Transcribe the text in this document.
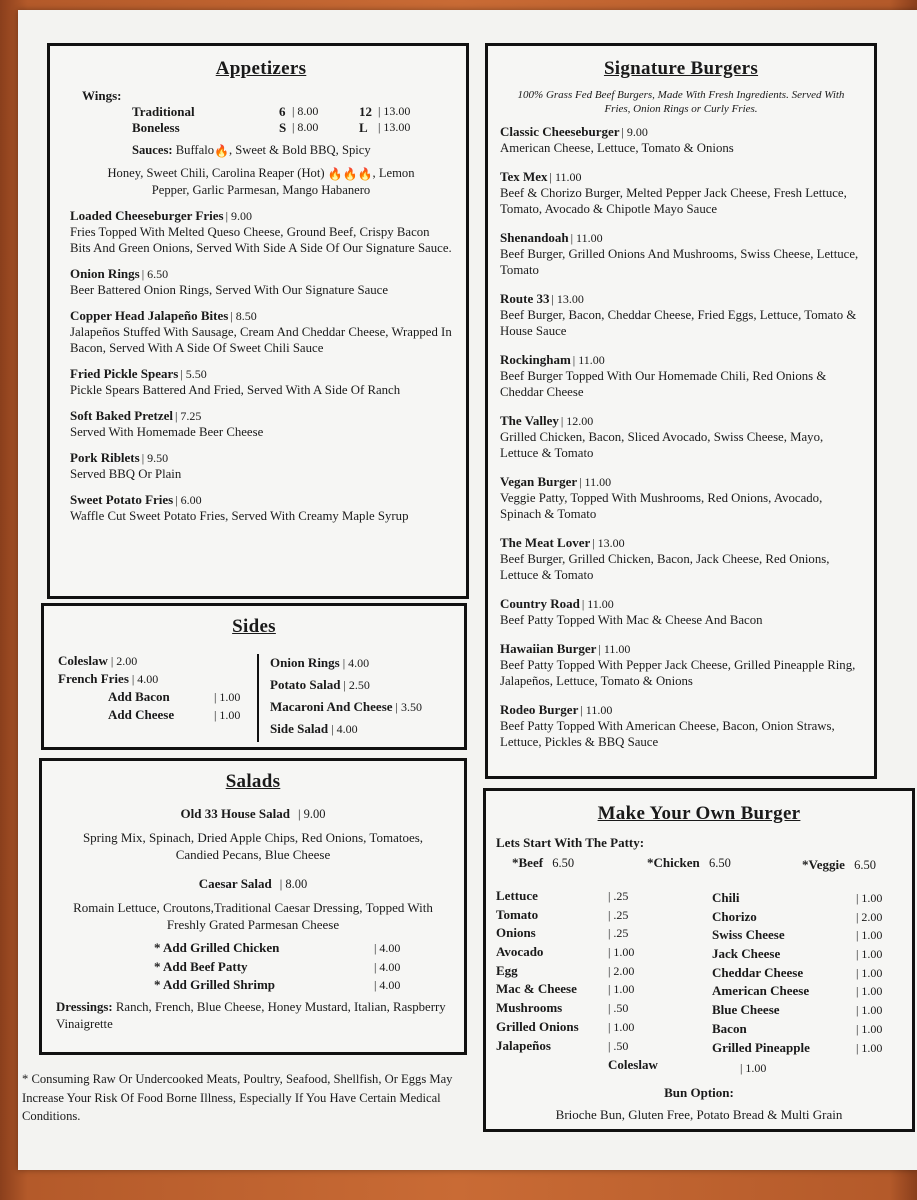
Appetizers
Wings:
Traditional	6 | 8.00	12 | 13.00
Boneless	S | 8.00	L | 13.00
Sauces: Buffalo🔥, Sweet & Bold BBQ, Spicy
Honey, Sweet Chili, Carolina Reaper (Hot) 🔥🔥🔥, Lemon
Pepper, Garlic Parmesan, Mango Habanero
Loaded Cheeseburger Fries | 9.00
Fries Topped With Melted Queso Cheese, Ground Beef, Crispy Bacon Bits And Green Onions, Served With Side A Side Of Our Signature Sauce.
Onion Rings | 6.50
Beer Battered Onion Rings, Served With Our Signature Sauce
Copper Head Jalapeño Bites | 8.50
Jalapeños Stuffed With Sausage, Cream And Cheddar Cheese, Wrapped In Bacon, Served With A Side Of Sweet Chili Sauce
Fried Pickle Spears | 5.50
Pickle Spears Battered And Fried, Served With A Side Of Ranch
Soft Baked Pretzel | 7.25
Served With Homemade Beer Cheese
Pork Riblets | 9.50
Served BBQ Or Plain
Sweet Potato Fries | 6.00
Waffle Cut Sweet Potato Fries, Served With Creamy Maple Syrup
Sides
Coleslaw | 2.00
French Fries | 4.00
Add Bacon	| 1.00
Add Cheese	| 1.00
Onion Rings | 4.00
Potato Salad | 2.50
Macaroni And Cheese | 3.50
Side Salad | 4.00
Salads
Old 33 House Salad | 9.00

Spring Mix, Spinach, Dried Apple Chips, Red Onions, Tomatoes, Candied Pecans, Blue Cheese
Caesar Salad | 8.00

Romain Lettuce, Croutons,Traditional Caesar Dressing, Topped With Freshly Grated Parmesan Cheese
* Add Grilled Chicken	| 4.00
* Add Beef Patty	| 4.00
* Add Grilled Shrimp	| 4.00
Dressings: Ranch, French, Blue Cheese, Honey Mustard, Italian, Raspberry Vinaigrette
* Consuming Raw Or Undercooked Meats, Poultry, Seafood, Shellfish, Or Eggs May Increase Your Risk Of Food Borne Illness, Especially If You Have Certain Medical Conditions.
Signature Burgers
100% Grass Fed Beef Burgers, Made With Fresh Ingredients. Served With Fries, Onion Rings or Curly Fries.
Classic Cheeseburger | 9.00
American Cheese, Lettuce, Tomato & Onions
Tex Mex | 11.00
Beef & Chorizo Burger, Melted Pepper Jack Cheese, Fresh Lettuce, Tomato, Avocado & Chipotle Mayo Sauce
Shenandoah | 11.00
Beef Burger, Grilled Onions And Mushrooms, Swiss Cheese, Lettuce, Tomato
Route 33 | 13.00
Beef Burger, Bacon, Cheddar Cheese, Fried Eggs, Lettuce, Tomato & House Sauce
Rockingham | 11.00
Beef Burger Topped With Our Homemade Chili, Red Onions & Cheddar Cheese
The Valley | 12.00
Grilled Chicken, Bacon, Sliced Avocado, Swiss Cheese, Mayo, Lettuce & Tomato
Vegan Burger | 11.00
Veggie Patty, Topped With Mushrooms, Red Onions, Avocado, Spinach & Tomato
The Meat Lover | 13.00
Beef Burger, Grilled Chicken, Bacon, Jack Cheese, Red Onions, Lettuce & Tomato
Country Road | 11.00
Beef Patty Topped With Mac & Cheese And Bacon
Hawaiian Burger | 11.00
Beef Patty Topped With Pepper Jack Cheese, Grilled Pineapple Ring, Jalapeños, Lettuce, Tomato & Onions
Rodeo Burger | 11.00
Beef Patty Topped With American Cheese, Bacon, Onion Straws, Lettuce, Pickles & BBQ Sauce
Make Your Own Burger
Lets Start With The Patty:
*Beef 6.50	*Chicken 6.50	*Veggie 6.50
Lettuce	| .25
Tomato	| .25
Onions	| .25
Avocado	| 1.00
Egg	| 2.00
Mac & Cheese	| 1.00
Mushrooms	| .50
Grilled Onions | 1.00
Jalapeños	| .50
Chili	| 1.00
Chorizo	| 2.00
Swiss Cheese	| 1.00
Jack Cheese	| 1.00
Cheddar Cheese	| 1.00
American Cheese	| 1.00
Blue Cheese	| 1.00
Bacon	| 1.00
Grilled Pineapple	| 1.00
Coleslaw	| 1.00
Bun Option:
Brioche Bun, Gluten Free, Potato Bread & Multi Grain
